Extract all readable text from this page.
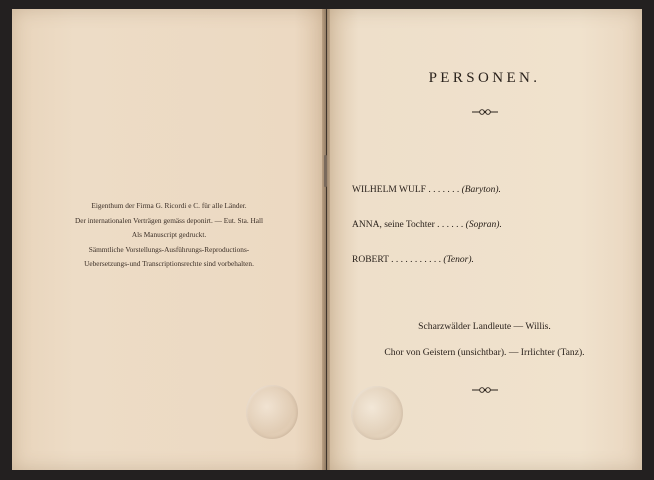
Eigenthum der Firma G. Ricordi e C. für alle Länder.
Der internationalen Verträgen gemäss deponirt. — Eut. Sta. Hall
Als Manuscript gedruckt.
Sämmtliche Vorstellungs-Ausführungs-Reproductions-
Uebersetzungs-und Transcriptionsrechte sind vorbehalten.
PERSONEN.
WILHELM WULF . . . . . . . (Baryton).
ANNA, seine Tochter . . . . . . (Sopran).
ROBERT . . . . . . . . . . . (Tenor).
Scharzwälder Landleute — Willis.
Chor von Geistern (unsichtbar). — Irrlichter (Tanz).
